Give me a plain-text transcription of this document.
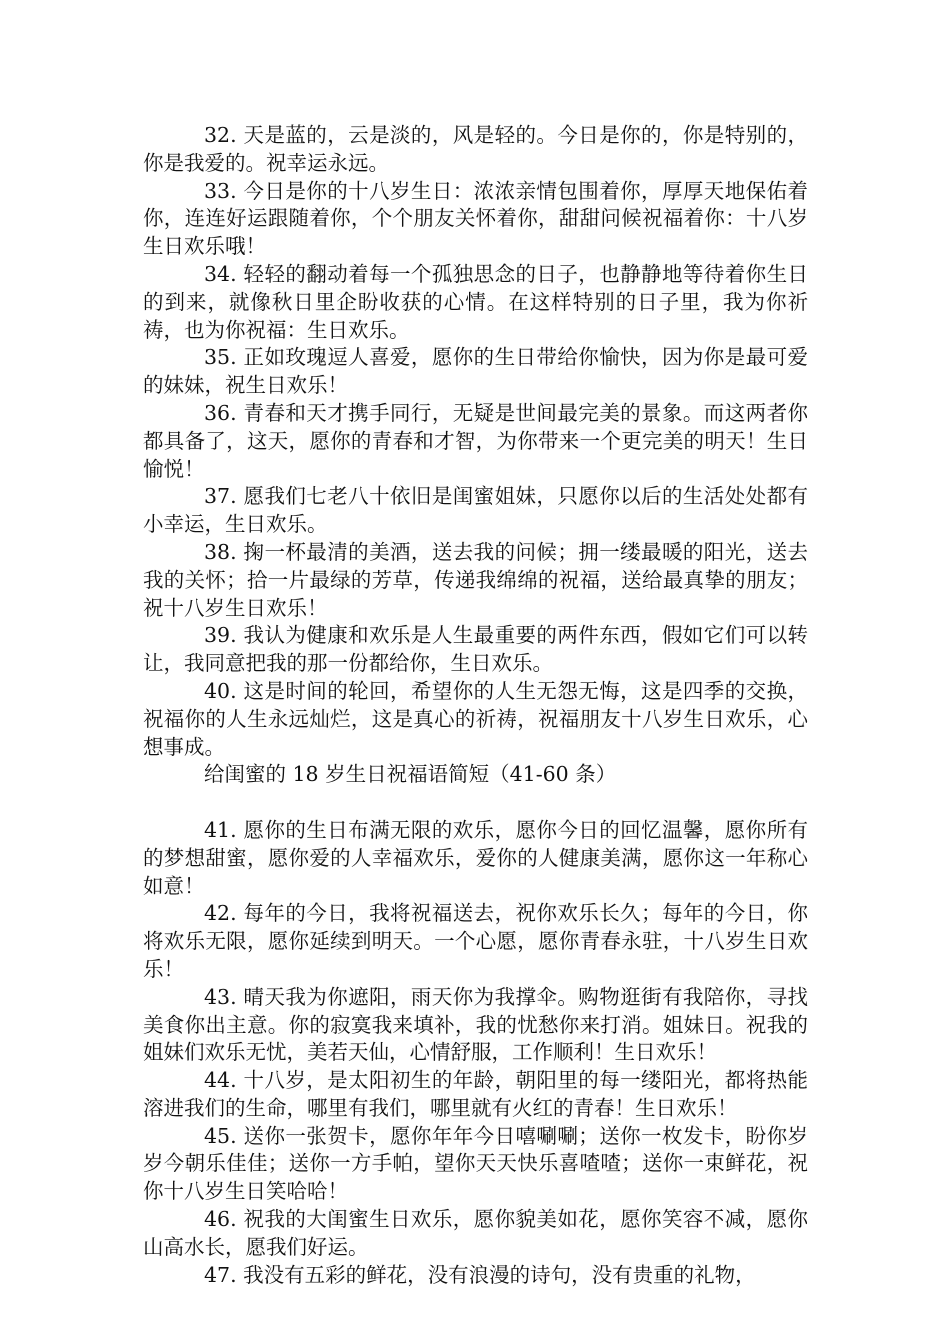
32. 天是蓝的，云是淡的，风是轻的。今日是你的，你是特别的，你是我爱的。祝幸运永远。

33. 今日是你的十八岁生日：浓浓亲情包围着你，厚厚天地保佑着你，连连好运跟随着你，个个朋友关怀着你，甜甜问候祝福着你：十八岁生日欢乐哦！

34. 轻轻的翻动着每一个孤独思念的日子，也静静地等待着你生日的到来，就像秋日里企盼收获的心情。在这样特别的日子里，我为你祈祷，也为你祝福：生日欢乐。

35. 正如玫瑰逗人喜爱，愿你的生日带给你愉快，因为你是最可爱的妹妹，祝生日欢乐！

36. 青春和天才携手同行，无疑是世间最完美的景象。而这两者你都具备了，这天，愿你的青春和才智，为你带来一个更完美的明天！生日愉悦！

37. 愿我们七老八十依旧是闺蜜姐妹，只愿你以后的生活处处都有小幸运，生日欢乐。

38. 掬一杯最清的美酒，送去我的问候；拥一缕最暖的阳光，送去我的关怀；拾一片最绿的芳草，传递我绵绵的祝福，送给最真挚的朋友；祝十八岁生日欢乐！

39. 我认为健康和欢乐是人生最重要的两件东西，假如它们可以转让，我同意把我的那一份都给你，生日欢乐。

40. 这是时间的轮回，希望你的人生无怨无悔，这是四季的交换，祝福你的人生永远灿烂，这是真心的祈祷，祝福朋友十八岁生日欢乐，心想事成。

给闺蜜的 18 岁生日祝福语简短（41-60 条）

41. 愿你的生日布满无限的欢乐，愿你今日的回忆温馨，愿你所有的梦想甜蜜，愿你爱的人幸福欢乐，爱你的人健康美满，愿你这一年称心如意！

42. 每年的今日，我将祝福送去，祝你欢乐长久；每年的今日，你将欢乐无限，愿你延续到明天。一个心愿，愿你青春永驻，十八岁生日欢乐！

43. 晴天我为你遮阳，雨天你为我撑伞。购物逛街有我陪你，寻找美食你出主意。你的寂寞我来填补，我的忧愁你来打消。姐妹日。祝我的姐妹们欢乐无忧，美若天仙，心情舒服，工作顺利！生日欢乐！

44. 十八岁，是太阳初生的年龄，朝阳里的每一缕阳光，都将热能溶进我们的生命，哪里有我们，哪里就有火红的青春！生日欢乐！

45. 送你一张贺卡，愿你年年今日嘻唰唰；送你一枚发卡，盼你岁岁今朝乐佳佳；送你一方手帕，望你天天快乐喜喳喳；送你一束鲜花，祝你十八岁生日笑哈哈！

46. 祝我的大闺蜜生日欢乐，愿你貌美如花，愿你笑容不减，愿你山高水长，愿我们好运。

47. 我没有五彩的鲜花，没有浪漫的诗句，没有贵重的礼物，
